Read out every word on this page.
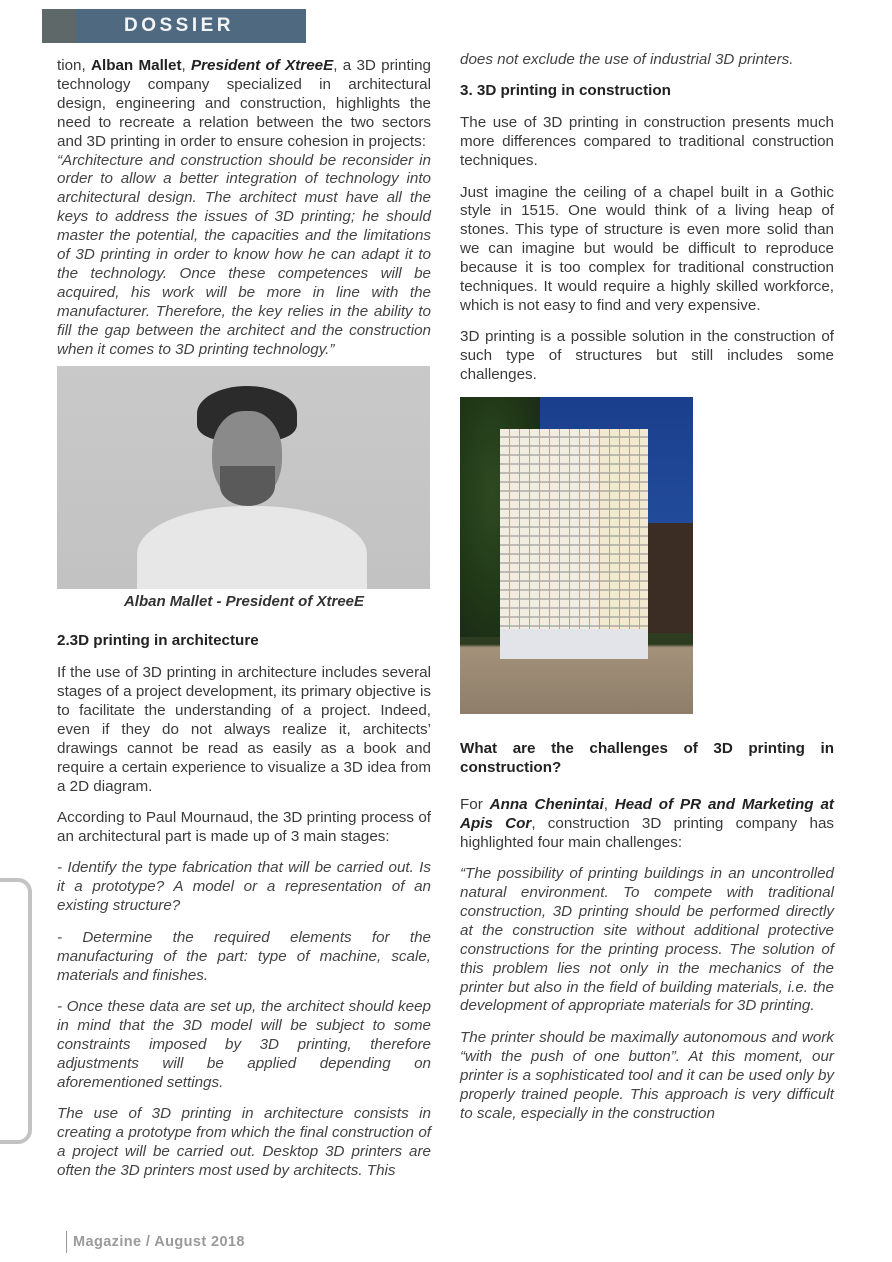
DOSSIER

tion, Alban Mallet, President of XtreeE, a 3D printing technology company specialized in architectural design, engineering and construction, highlights the need to recreate a relation between the two sectors and 3D printing in order to ensure cohesion in projects:

“Architecture and construction should be reconsider in order to allow a better integration of technology into architectural design. The architect must have all the keys to address the issues of 3D printing; he should master the potential, the capacities and the limitations of 3D printing in order to know how he can adapt it to the technology. Once these competences will be acquired, his work will be more in line with the manufacturer. Therefore, the key relies in the ability to fill the gap between the architect and the construction when it comes to 3D printing technology.”

Alban Mallet - President of XtreeE
2.3D printing in architecture

If the use of 3D printing in architecture includes several stages of a project development, its primary objective is to facilitate the understanding of a project. Indeed, even if they do not always realize it, architects’ drawings cannot be read as easily as a book and require a certain experience to visualize a 3D idea from a 2D diagram.

According to Paul Mournaud, the 3D printing process of an architectural part is made up of 3 main stages:

- Identify the type fabrication that will be carried out. Is it a prototype? A model or a representation of an existing structure?

- Determine the required elements for the manufacturing of the part: type of machine, scale, materials and finishes.

- Once these data are set up, the architect should keep in mind that the 3D model will be subject to some constraints imposed by 3D printing, therefore adjustments will be applied depending on aforementioned settings.

The use of 3D printing in architecture consists in creating a prototype from which the final construction of a project will be carried out. Desktop 3D printers are often the 3D printers most used by architects. This

does not exclude the use of industrial 3D printers.

3. 3D printing in construction

The use of 3D printing in construction presents much more differences compared to traditional construction techniques.

Just imagine the ceiling of a chapel built in a Gothic style in 1515. One would think of a living heap of stones. This type of structure is even more solid than we can imagine but would be difficult to reproduce because it is too complex for traditional construction techniques. It would require a highly skilled workforce, which is not easy to find and very expensive.

3D printing is a possible solution in the construction of such type of structures but still includes some challenges.

What are the challenges of 3D printing in construction?

For Anna Chenintai, Head of PR and Marketing at Apis Cor, construction 3D printing company has highlighted four main challenges:

“The possibility of printing buildings in an uncontrolled natural environment. To compete with traditional construction, 3D printing should be performed directly at the construction site without additional protective constructions for the printing process. The solution of this problem lies not only in the mechanics of the printer but also in the field of building materials, i.e. the development of appropriate materials for 3D printing.

The printer should be maximally autonomous and work “with the push of one button”. At this moment, our printer is a sophisticated tool and it can be used only by properly trained people. This approach is very difficult to scale, especially in the construction

Magazine / August 2018
